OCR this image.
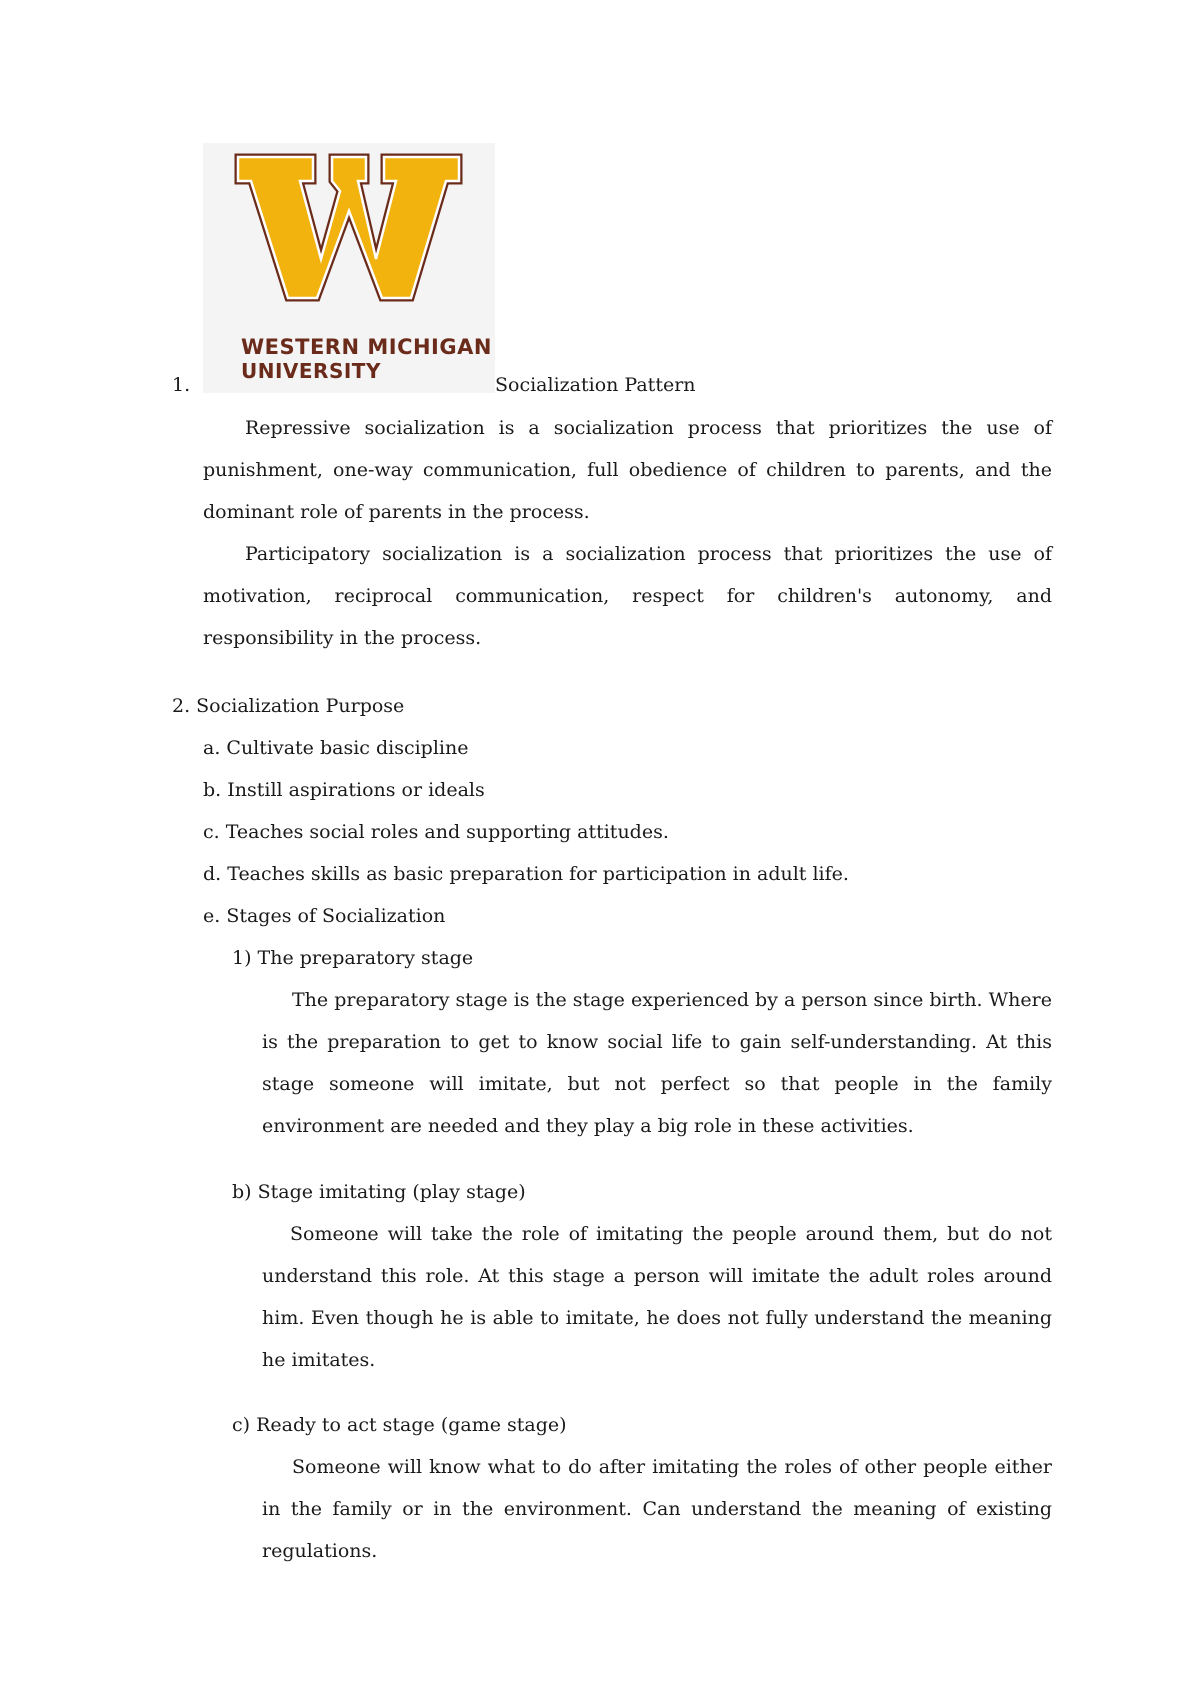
WESTERN MICHIGAN
UNIVERSITY
1.	Socialization Pattern
Repressive socialization is a socialization process that prioritizes the use of punishment, one-way communication, full obedience of children to parents, and the dominant role of parents in the process.
Participatory socialization is a socialization process that prioritizes the use of motivation, reciprocal communication, respect for children's autonomy, and responsibility in the process.
2. Socialization Purpose
a. Cultivate basic discipline
b. Instill aspirations or ideals
c. Teaches social roles and supporting attitudes.
d. Teaches skills as basic preparation for participation in adult life.
e. Stages of Socialization
1) The preparatory stage
The preparatory stage is the stage experienced by a person since birth. Where is the preparation to get to know social life to gain self-understanding. At this stage someone will imitate, but not perfect so that people in the family environment are needed and they play a big role in these activities.
b) Stage imitating (play stage)
Someone will take the role of imitating the people around them, but do not understand this role. At this stage a person will imitate the adult roles around him. Even though he is able to imitate, he does not fully understand the meaning he imitates.
c) Ready to act stage (game stage)
Someone will know what to do after imitating the roles of other people either in the family or in the environment. Can understand the meaning of existing regulations.
